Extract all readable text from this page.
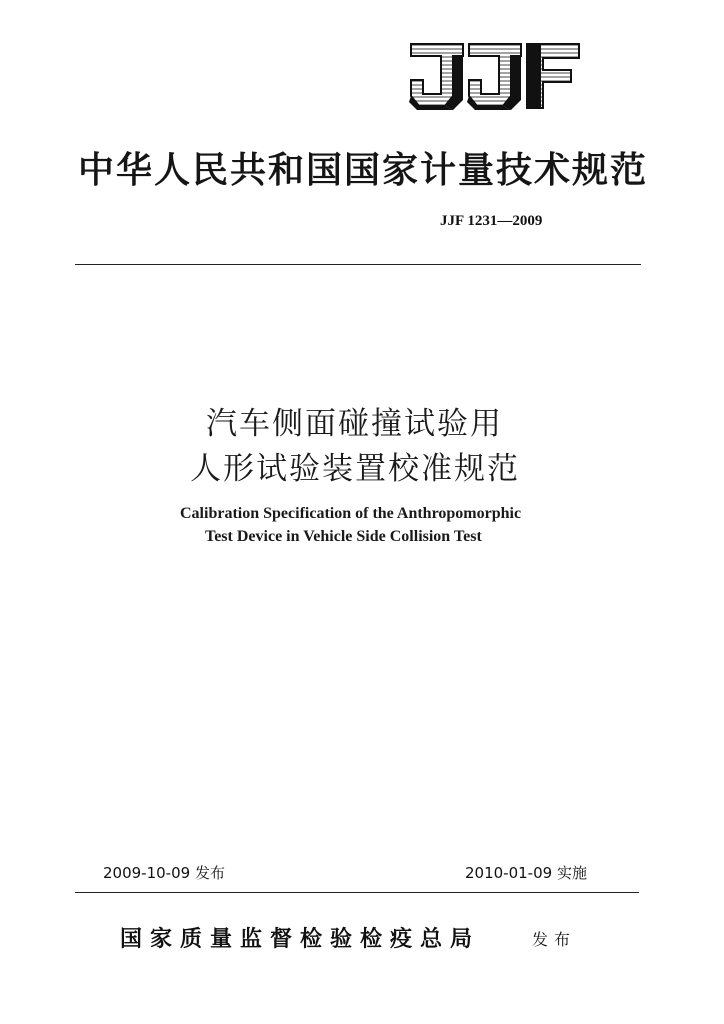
中华人民共和国国家计量技术规范
JJF 1231—2009
汽车侧面碰撞试验用
人形试验装置校准规范
Calibration Specification of the Anthropomorphic
Test Device in Vehicle Side Collision Test
2009-10-09 发布	2010-01-09 实施
国家质量监督检验检疫总局	发布
